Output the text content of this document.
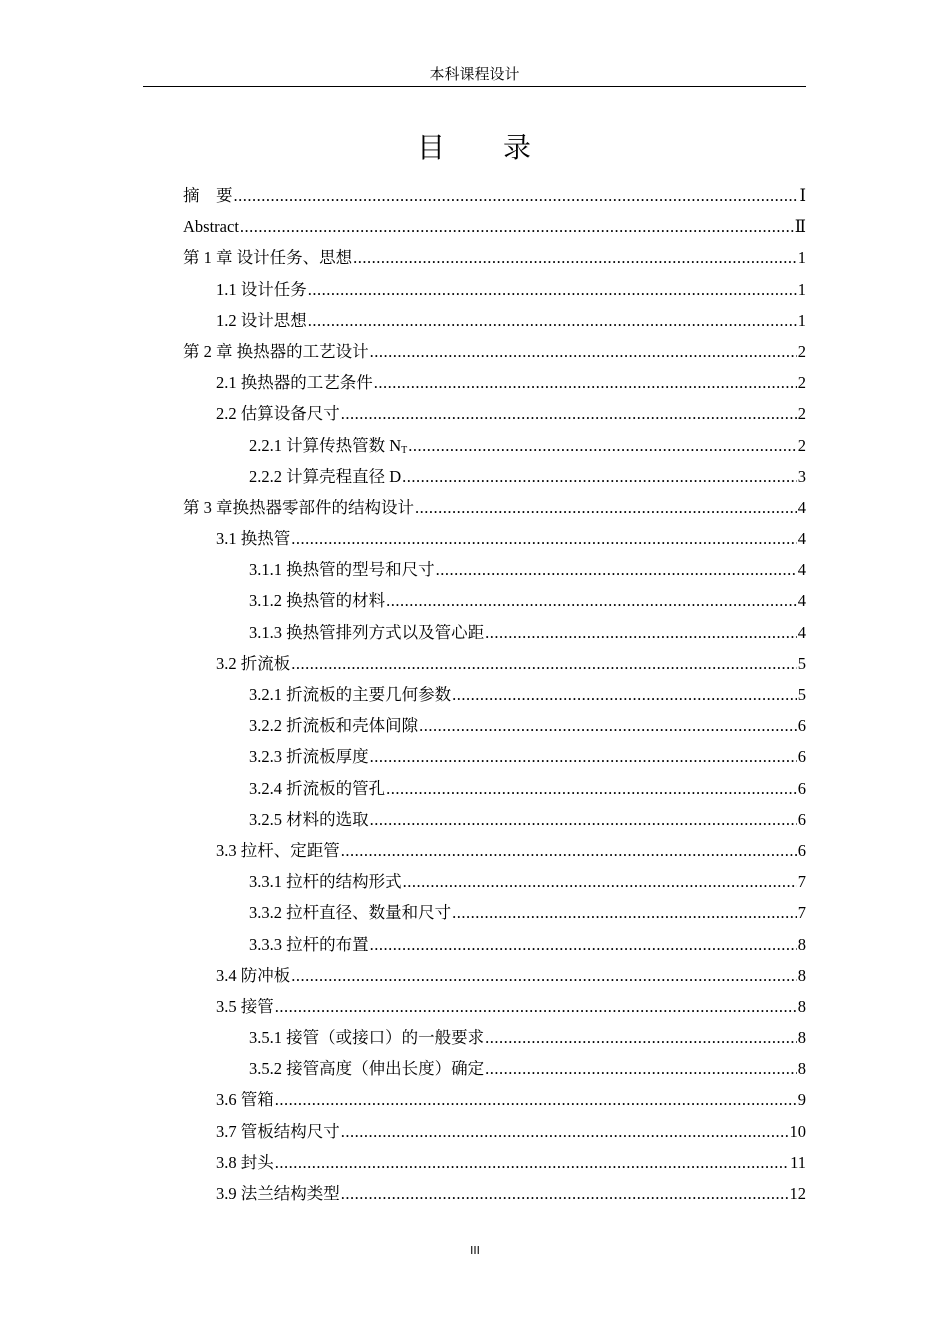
本科课程设计
目 录
摘　要 .....	Ⅰ
Abstract .....	Ⅱ
第 1 章 设计任务、思想 .....	1
1.1 设计任务 .....	1
1.2 设计思想 .....	1
第 2 章 换热器的工艺设计 .....	2
2.1 换热器的工艺条件 .....	2
2.2 估算设备尺寸 .....	2
2.2.1 计算传热管数 $N_T$ .....	2
2.2.2 计算壳程直径 D .....	3
第 3 章换热器零部件的结构设计 .....	4
3.1 换热管 .....	4
3.1.1 换热管的型号和尺寸 .....	4
3.1.2 换热管的材料 .....	4
3.1.3 换热管排列方式以及管心距 .....	4
3.2 折流板 .....	5
3.2.1 折流板的主要几何参数 .....	5
3.2.2 折流板和壳体间隙 .....	6
3.2.3 折流板厚度 .....	6
3.2.4 折流板的管孔 .....	6
3.2.5 材料的选取 .....	6
3.3 拉杆、定距管 .....	6
3.3.1 拉杆的结构形式 .....	7
3.3.2 拉杆直径、数量和尺寸 .....	7
3.3.3 拉杆的布置 .....	8
3.4 防冲板 .....	8
3.5 接管 .....	8
3.5.1 接管（或接口）的一般要求 .....	8
3.5.2 接管高度（伸出长度）确定 .....	8
3.6 管箱 .....	9
3.7 管板结构尺寸 .....	10
3.8 封头 .....	11
3.9 法兰结构类型 .....	12
III
